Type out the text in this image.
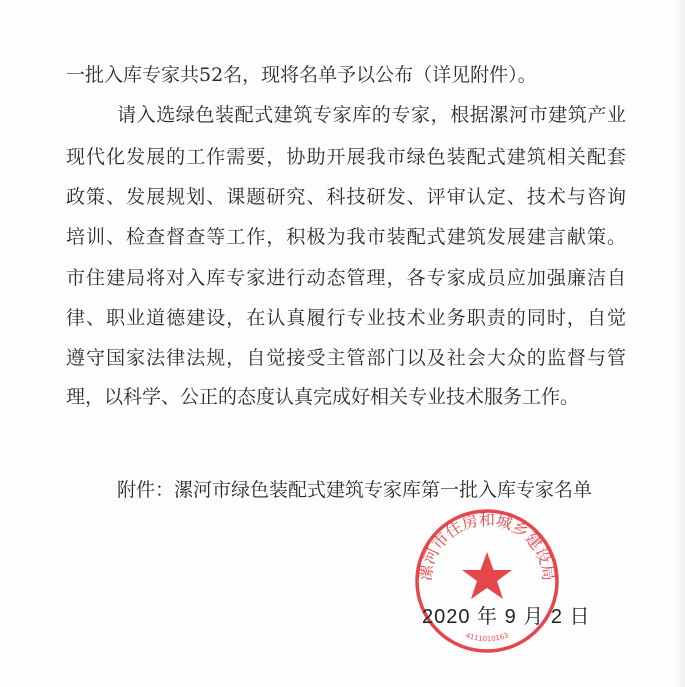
一批入库专家共52名，现将名单予以公布（详见附件）。
请入选绿色装配式建筑专家库的专家，根据漯河市建筑产业
现代化发展的工作需要，协助开展我市绿色装配式建筑相关配套
政策、发展规划、课题研究、科技研发、评审认定、技术与咨询
培训、检查督查等工作，积极为我市装配式建筑发展建言献策。
市住建局将对入库专家进行动态管理，各专家成员应加强廉洁自
律、职业道德建设，在认真履行专业技术业务职责的同时，自觉
遵守国家法律法规，自觉接受主管部门以及社会大众的监督与管
理，以科学、公正的态度认真完成好相关专业技术服务工作。
附件：漯河市绿色装配式建筑专家库第一批入库专家名单
漯河市住房和城乡建设局
4111010163
2020 年 9 月 2 日
